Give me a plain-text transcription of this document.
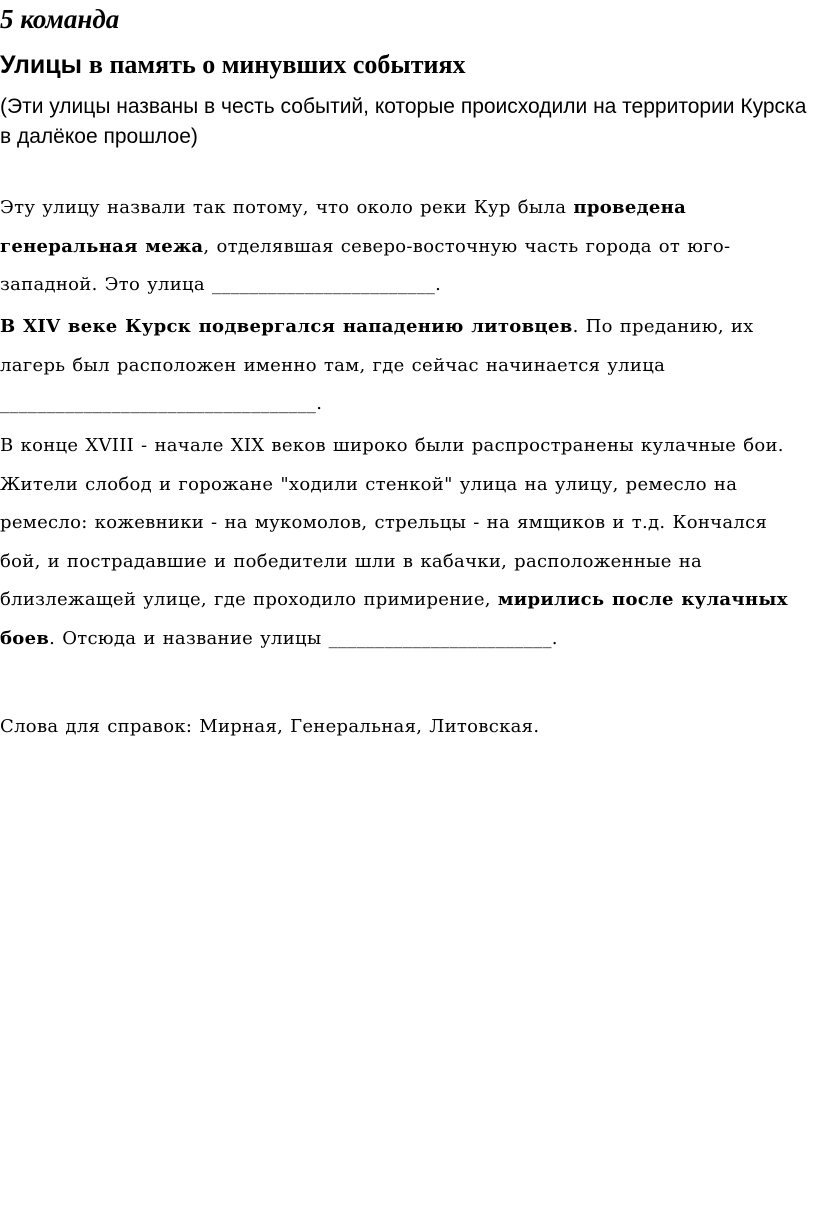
5 команда
Улицы в память о минувших событиях

(Эти улицы названы в честь событий, которые происходили на территории Курска в далёкое прошлое)

Эту улицу назвали так потому, что около реки Кур была проведена генеральная межа, отделявшая северо-восточную часть города от юго-западной. Это улица ________________________.

В XIV веке Курск подвергался нападению литовцев. По преданию, их лагерь был расположен именно там, где сейчас начинается улица __________________________________.

В конце XVIII - начале XIX веков широко были распространены кулачные бои. Жители слобод и горожане "ходили стенкой" улица на улицу, ремесло на ремесло: кожевники - на мукомолов, стрельцы - на ямщиков и т.д. Кончался бой, и пострадавшие и победители шли в кабачки, расположенные на близлежащей улице, где проходило примирение, мирились после кулачных боев. Отсюда и название улицы ________________________.

Слова для справок: Мирная, Генеральная, Литовская.
